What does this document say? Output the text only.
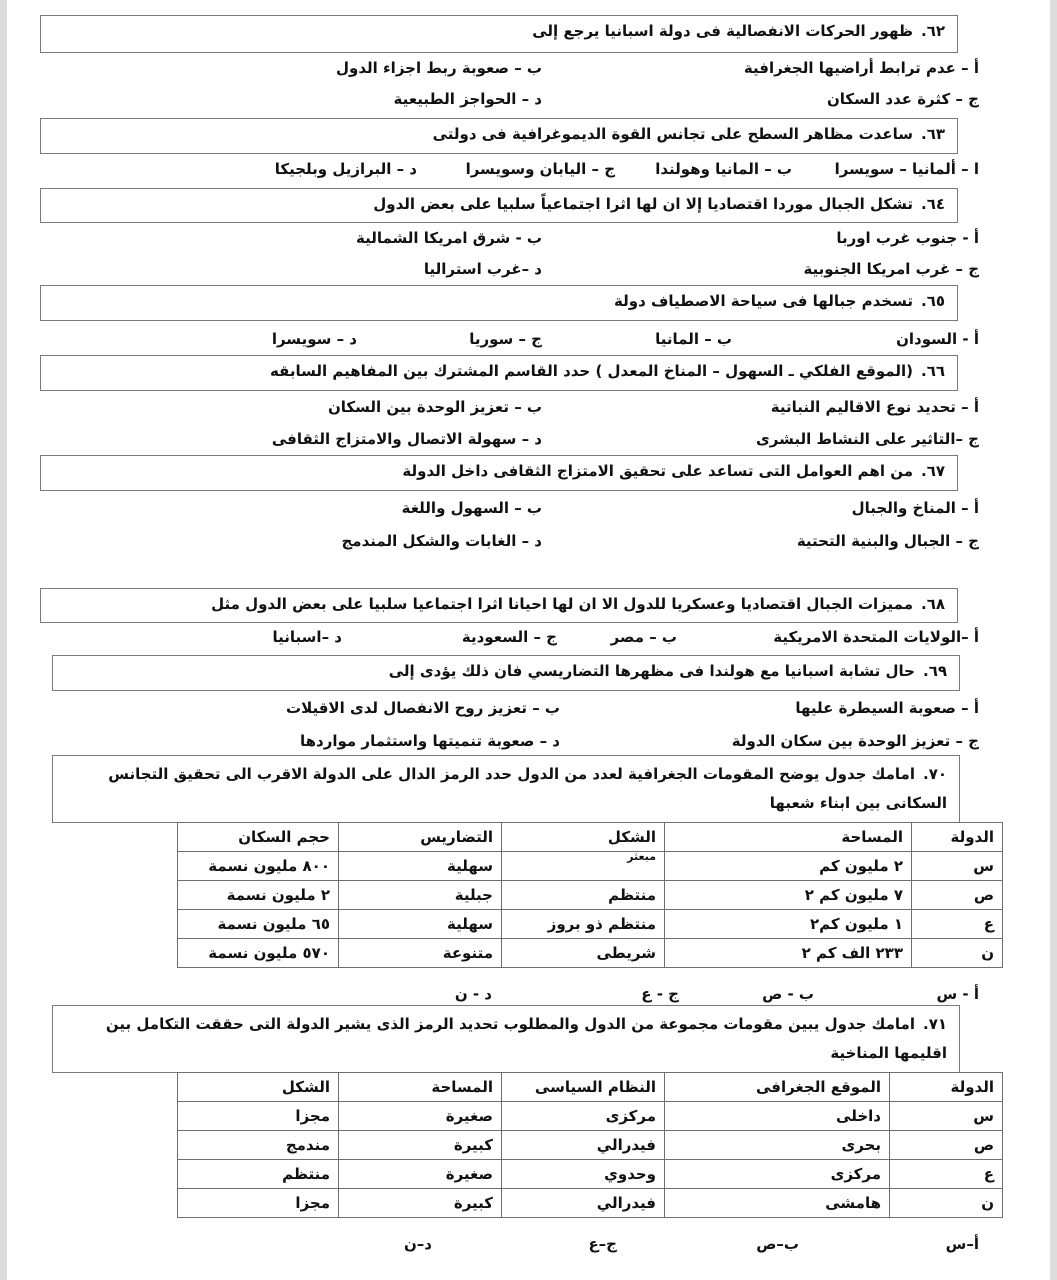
٦٢.ظهور الحركات الانفصالية فى دولة اسبانيا يرجع إلى
أ – عدم ترابط أراضيها الجغرافية
ب – صعوبة ربط اجزاء الدول
ج – كثرة عدد السكان
د – الحواجز الطبيعية
٦٣.ساعدت مظاهر السطح على تجانس القوة الديموغرافية فى دولتى
ا – ألمانيا – سويسرا
ب – المانيا وهولندا
ج – اليابان وسويسرا
د – البرازيل وبلجيكا
٦٤.تشكل الجبال موردا اقتصاديا إلا ان لها اثرا اجتماعياً سلبيا على بعض الدول
أ - جنوب غرب اوربا
ب - شرق امريكا الشمالية
ج – غرب امريكا الجنوبية
د –غرب استراليا
٦٥.تسخدم جبالها فى سياحة الاصطياف دولة
أ - السودان
ب – المانيا
ج – سوريا
د – سويسرا
٦٦.(الموقع الفلكي ـ السهول – المناخ المعدل ) حدد القاسم المشترك بين المفاهيم السابقه
أ – تحديد نوع الاقاليم النباتية
ب – تعزيز الوحدة بين السكان
ج –التاثير على النشاط البشرى
د – سهولة الاتصال والامتزاج الثقافى
٦٧.من اهم العوامل التى تساعد على تحقيق الامتزاج الثقافى داخل الدولة
أ – المناخ والجبال
ب – السهول واللغة
ج – الجبال والبنية التحتية
د – الغابات والشكل المندمج
٦٨.مميزات الجبال اقتصاديا وعسكريا للدول الا ان لها احيانا اثرا اجتماعيا سلبيا على بعض الدول مثل
أ –الولايات المتحدة الامريكية
ب – مصر
ج – السعودية
د –اسبانيا
٦٩.حال تشابة اسبانيا مع هولندا فى مظهرها التضاريسي فان ذلك يؤدى إلى
أ – صعوبة السيطرة عليها
ب – تعزيز روح الانفصال لدى الاقيلات
ج – تعزيز الوحدة بين سكان الدولة
د – صعوبة تنميتها واستثمار مواردها
٧٠.امامك جدول يوضح المقومات الجغرافية لعدد من الدول حدد الرمز الدال على الدولة الاقرب الى تحقيق التجانس السكانى بين ابناء شعبها
الدولة	المساحة	الشكل	التضاريس	حجم السكان
س	٢ مليون كم	مبعثر	سهلية	٨٠٠ مليون نسمة
ص	٧ مليون كم ٢	منتظم	جبلية	٢ مليون نسمة
ع	١ مليون كم٢	منتظم ذو بروز	سهلية	٦٥ مليون نسمة
ن	٢٣٣ الف كم ٢	شريطى	متنوعة	٥٧٠ مليون نسمة
أ - س
ب - ص
ج - ع
د - ن
٧١.امامك جدول يبين مقومات مجموعة من الدول والمطلوب تحديد الرمز الذى يشير الدولة التى حققت التكامل بين اقليمها المناخية
الدولة	الموقع الجغرافى	النظام السياسى	المساحة	الشكل
س	داخلى	مركزى	صغيرة	مجزا
ص	بحرى	فيدرالي	كبيرة	مندمج
ع	مركزى	وحدوي	صغيرة	منتظم
ن	هامشى	فيدرالي	كبيرة	مجزا
أ–س
ب–ص
ج–ع
د–ن
